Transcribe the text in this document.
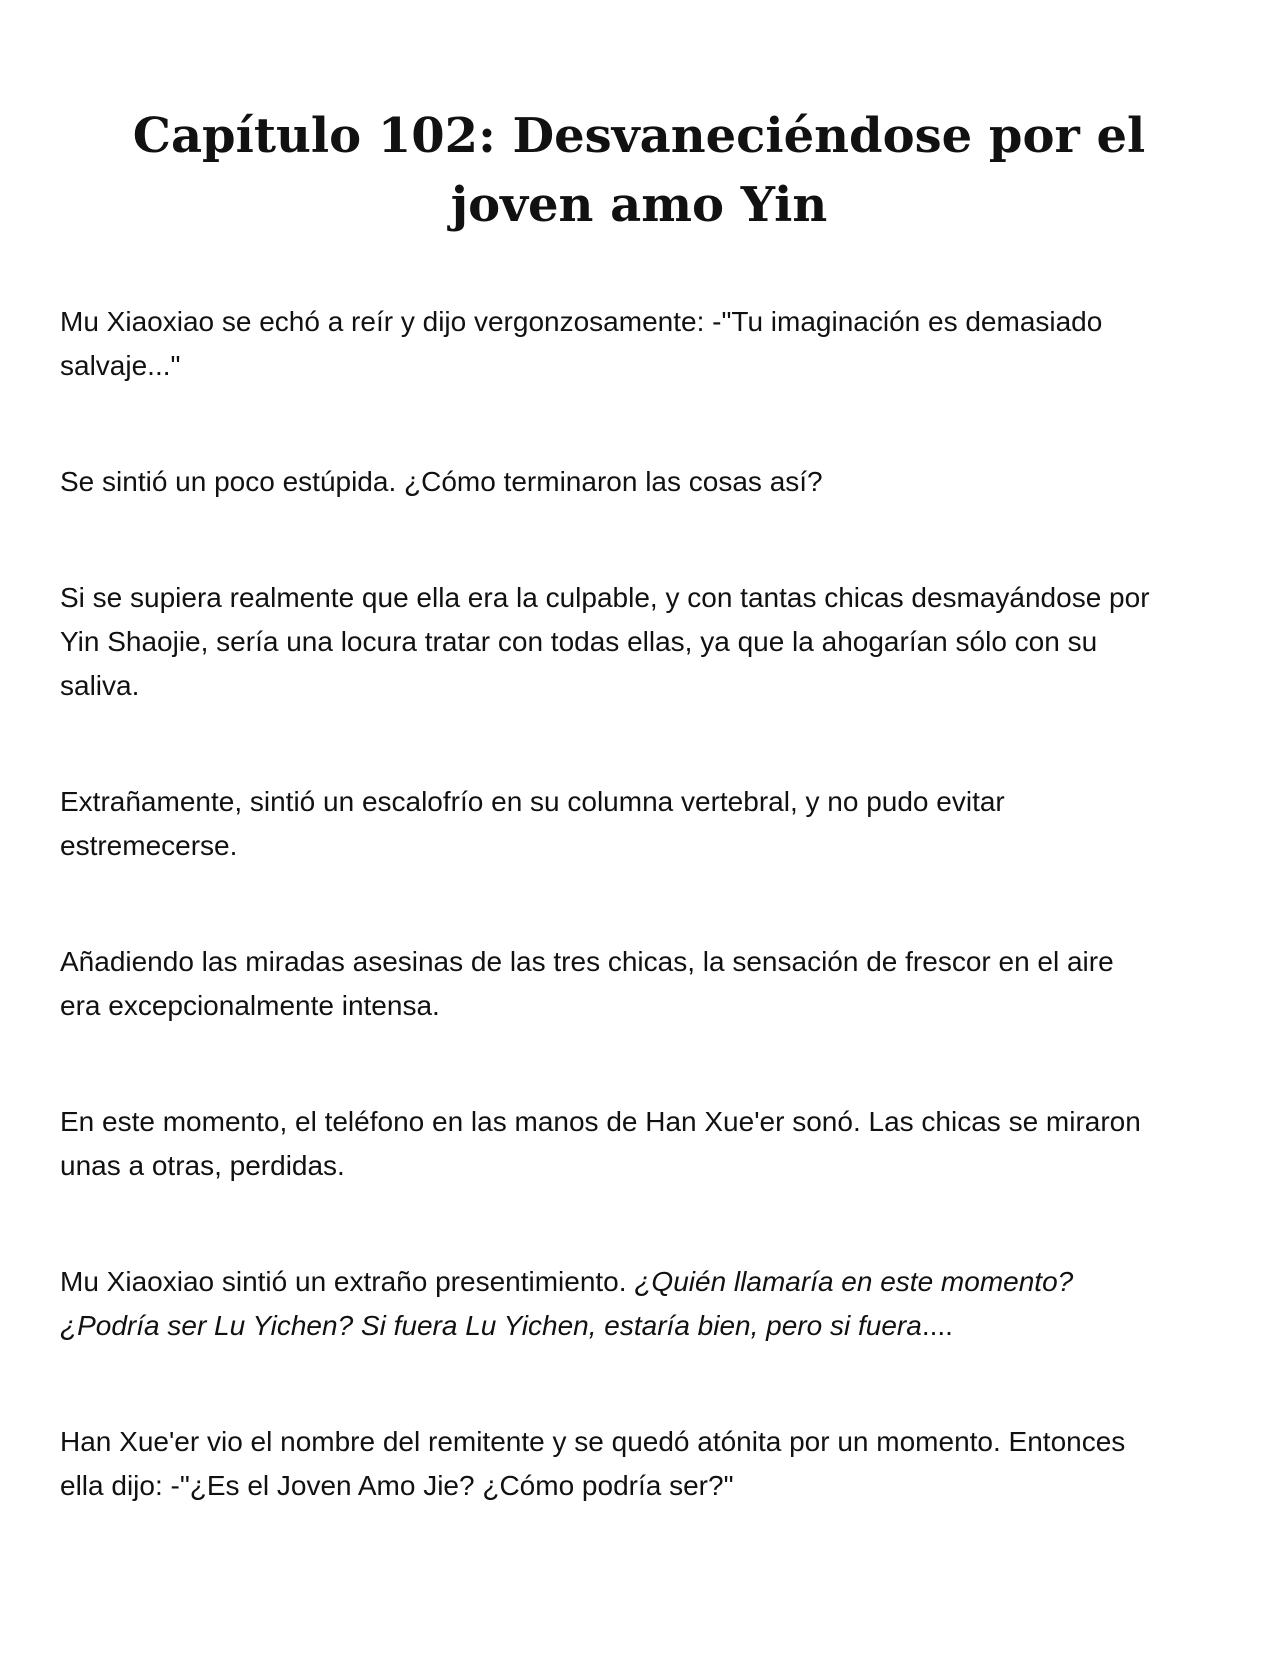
Capítulo 102: Desvaneciéndose por el joven amo Yin

Mu Xiaoxiao se echó a reír y dijo vergonzosamente: -"Tu imaginación es demasiado salvaje..."

Se sintió un poco estúpida. ¿Cómo terminaron las cosas así?

Si se supiera realmente que ella era la culpable, y con tantas chicas desmayándose por Yin Shaojie, sería una locura tratar con todas ellas, ya que la ahogarían sólo con su saliva.

Extrañamente, sintió un escalofrío en su columna vertebral, y no pudo evitar estremecerse.

Añadiendo las miradas asesinas de las tres chicas, la sensación de frescor en el aire era excepcionalmente intensa.

En este momento, el teléfono en las manos de Han Xue'er sonó. Las chicas se miraron unas a otras, perdidas.

Mu Xiaoxiao sintió un extraño presentimiento. ¿Quién llamaría en este momento? ¿Podría ser Lu Yichen? Si fuera Lu Yichen, estaría bien, pero si fuera....

Han Xue'er vio el nombre del remitente y se quedó atónita por un momento. Entonces ella dijo: -"¿Es el Joven Amo Jie? ¿Cómo podría ser?"
